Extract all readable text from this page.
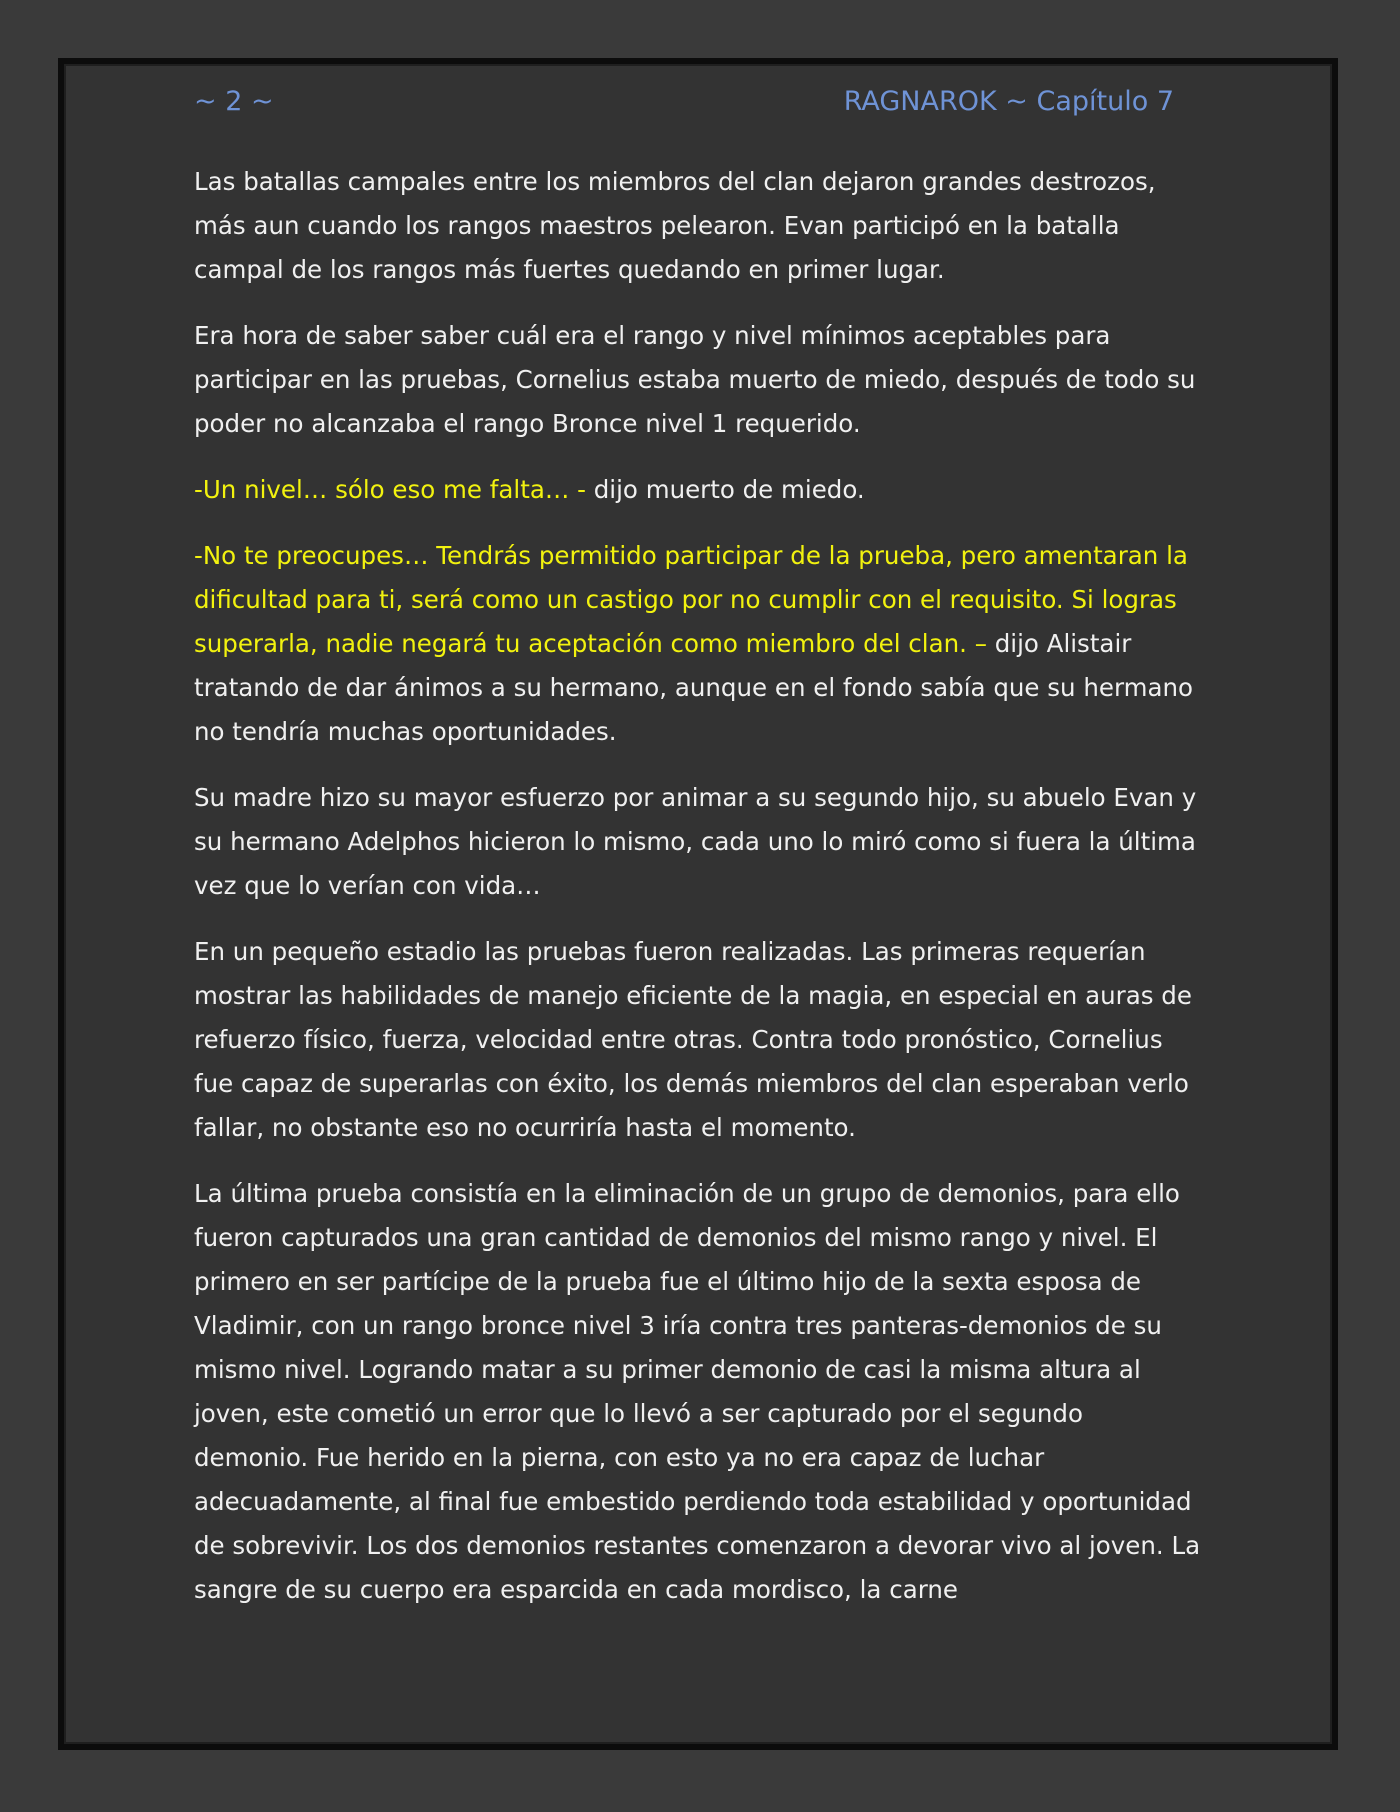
~ 2 ~	RAGNAROK ~ Capítulo 7

Las batallas campales entre los miembros del clan dejaron grandes destrozos, más aun cuando los rangos maestros pelearon. Evan participó en la batalla campal de los rangos más fuertes quedando en primer lugar.

Era hora de saber saber cuál era el rango y nivel mínimos aceptables para participar en las pruebas, Cornelius estaba muerto de miedo, después de todo su poder no alcanzaba el rango Bronce nivel 1 requerido.

-Un nivel… sólo eso me falta… - dijo muerto de miedo.

-No te preocupes… Tendrás permitido participar de la prueba, pero amentaran la dificultad para ti, será como un castigo por no cumplir con el requisito. Si logras superarla, nadie negará tu aceptación como miembro del clan. – dijo Alistair tratando de dar ánimos a su hermano, aunque en el fondo sabía que su hermano no tendría muchas oportunidades.

Su madre hizo su mayor esfuerzo por animar a su segundo hijo, su abuelo Evan y su hermano Adelphos hicieron lo mismo, cada uno lo miró como si fuera la última vez que lo verían con vida…

En un pequeño estadio las pruebas fueron realizadas. Las primeras requerían mostrar las habilidades de manejo eficiente de la magia, en especial en auras de refuerzo físico, fuerza, velocidad entre otras. Contra todo pronóstico, Cornelius fue capaz de superarlas con éxito, los demás miembros del clan esperaban verlo fallar, no obstante eso no ocurriría hasta el momento.

La última prueba consistía en la eliminación de un grupo de demonios, para ello fueron capturados una gran cantidad de demonios del mismo rango y nivel. El primero en ser partícipe de la prueba fue el último hijo de la sexta esposa de Vladimir, con un rango bronce nivel 3 iría contra tres panteras-demonios de su mismo nivel. Logrando matar a su primer demonio de casi la misma altura al joven, este cometió un error que lo llevó a ser capturado por el segundo demonio. Fue herido en la pierna, con esto ya no era capaz de luchar adecuadamente, al final fue embestido perdiendo toda estabilidad y oportunidad de sobrevivir. Los dos demonios restantes comenzaron a devorar vivo al joven. La sangre de su cuerpo era esparcida en cada mordisco, la carne
